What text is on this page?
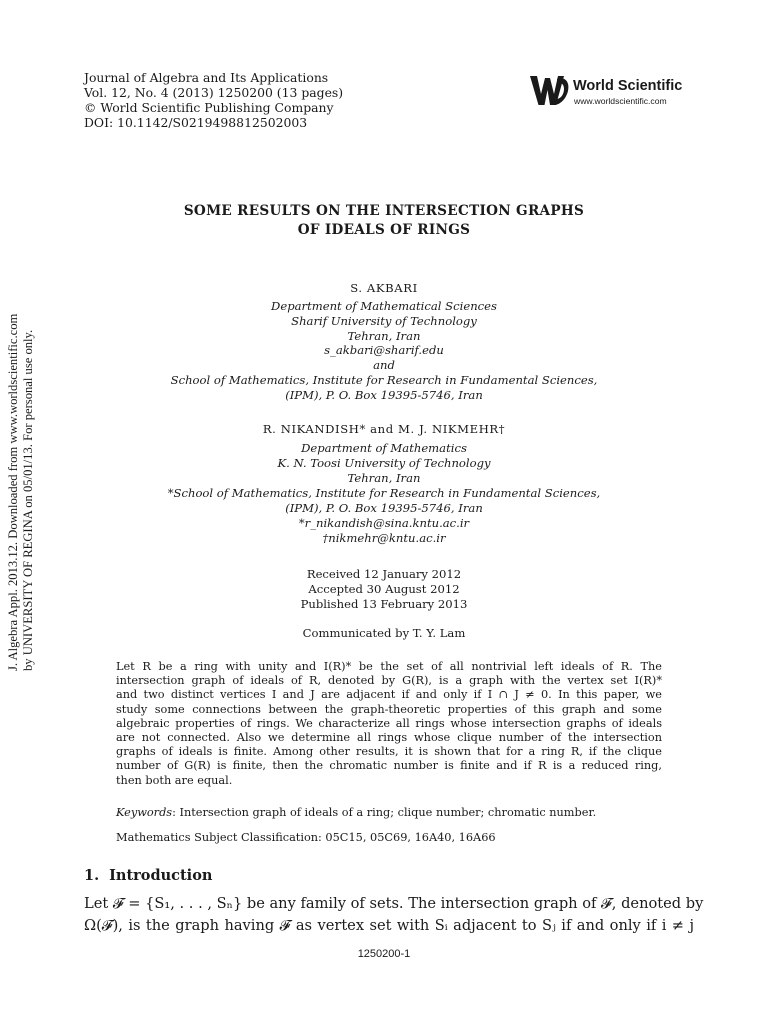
Journal of Algebra and Its Applications
Vol. 12, No. 4 (2013) 1250200 (13 pages)
© World Scientific Publishing Company
DOI: 10.1142/S0219498812502003
World Scientific
www.worldscientific.com
J. Algebra Appl. 2013.12. Downloaded from www.worldscientific.com by UNIVERSITY OF REGINA on 05/01/13. For personal use only.
SOME RESULTS ON THE INTERSECTION GRAPHS
OF IDEALS OF RINGS
S. AKBARI
Department of Mathematical Sciences
Sharif University of Technology
Tehran, Iran
s_akbari@sharif.edu
and
School of Mathematics, Institute for Research in Fundamental Sciences,
(IPM), P. O. Box 19395-5746, Iran
R. NIKANDISH* and M. J. NIKMEHR†
Department of Mathematics
K. N. Toosi University of Technology
Tehran, Iran
*School of Mathematics, Institute for Research in Fundamental Sciences,
(IPM), P. O. Box 19395-5746, Iran
*r_nikandish@sina.kntu.ac.ir
†nikmehr@kntu.ac.ir
Received 12 January 2012
Accepted 30 August 2012
Published 13 February 2013
Communicated by T. Y. Lam
Let R be a ring with unity and I(R)* be the set of all nontrivial left ideals of R. The
intersection graph of ideals of R, denoted by G(R), is a graph with the vertex set I(R)*
and two distinct vertices I and J are adjacent if and only if I ∩ J ≠ 0. In this paper, we
study some connections between the graph-theoretic properties of this graph and some
algebraic properties of rings. We characterize all rings whose intersection graphs of ideals
are not connected. Also we determine all rings whose clique number of the intersection
graphs of ideals is finite. Among other results, it is shown that for a ring R, if the clique
number of G(R) is finite, then the chromatic number is finite and if R is a reduced ring,
then both are equal.
Keywords: Intersection graph of ideals of a ring; clique number; chromatic number.
Mathematics Subject Classification: 05C15, 05C69, 16A40, 16A66
1. Introduction
Let 𝓕 = {S₁, . . . , Sₙ} be any family of sets. The intersection graph of 𝓕, denoted by
Ω(𝓕), is the graph having 𝓕 as vertex set with Sᵢ adjacent to Sⱼ if and only if i ≠ j
1250200-1
